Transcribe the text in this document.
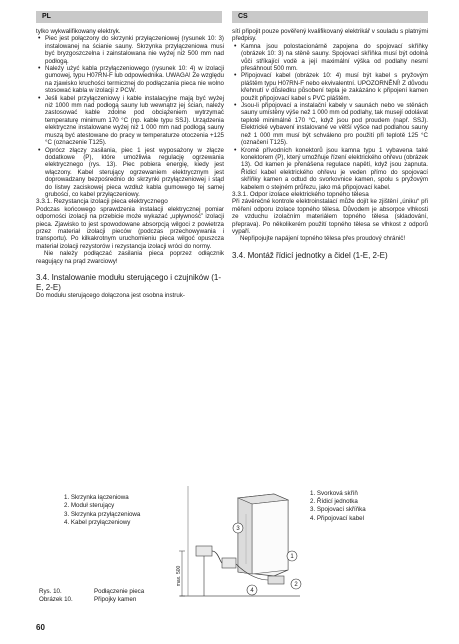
PL	CS

tylko wykwalifikowany elektryk.

• Piec jest połączony do skrzynki przyłączeniowej (rysunek 10: 3) instalowanej na ścianie sauny. Skrzynka przyłączeniowa musi być bryzgoszczelna i zainstalowana nie wyżej niż 500 mm nad podłogą.
• Należy użyć kabla przyłączeniowego (rysunek 10: 4) w izolacji gumowej, typu H07RN-F lub odpowiednika. UWAGA! Ze względu na zjawisko kruchości termicznej do podłączania pieca nie wolno stosować kabla w izolacji z PCW.
• Jeśli kabel przyłączeniowy i kable instalacyjne mają być wyżej niż 1000 mm nad podłogą sauny lub wewnątrz jej ścian, należy zastosować kable zdolne pod obciążeniem wytrzymać temperaturę minimum 170 °C (np. kable typu SSJ). Urządzenia elektryczne instalowane wyżej niż 1 000 mm nad podłogą sauny muszą być atestowane do pracy w temperaturze otoczenia +125 °C (oznaczenie T125).
• Oprócz złączy zasilania, piec 1 jest wyposażony w złącze dodatkowe (P), które umożliwia regulację ogrzewania elektrycznego (rys. 13). Piec pobiera energię, kiedy jest włączony. Kabel sterujący ogrzewaniem elektrycznym jest doprowadzany bezpośrednio do skrzynki przyłączeniowej i stąd do listwy zaciskowej pieca wzdłuż kabla gumowego tej samej grubości, co kabel przyłączeniowy.

3.3.1. Rezystancja izolacji pieca elektrycznego

Podczas końcowego sprawdzenia instalacji elektrycznej pomiar odporności izolacji na przebicie może wykazać „upływność” izolacji pieca. Zjawisko to jest spowodowane absorpcją wilgoci z powietrza przez materiał izolacji pieców (podczas przechowywania i transportu). Po kilkakrotnym uruchomieniu pieca wilgoć opuszcza materiał izolacji rezystorów i rezystancja izolacji wróci do normy.

Nie należy podłączać zasilania pieca poprzez odłącznik reagujący na prąd zwarciowy!

3.4. Instalowanie modułu sterującego i czujników (1-E, 2-E)

Do modułu sterującego dołączona jest osobna instruk-

sítí připojit pouze pověřený kvalifikovaný elektrikář v souladu s platnými předpisy.

• Kamna jsou polostacionárně zapojena do spojovací skříňky (obrázek 10: 3) na stěně sauny. Spojovací skříňka musí být odolná vůči stříkající vodě a její maximální výška od podlahy nesmí přesáhnout 500 mm.
• Připojovací kabel (obrázek 10: 4) musí být kabel s pryžovým pláštěm typu H07RN-F nebo ekvivalentní. UPOZORNĚNÍ! Z důvodu křehnutí v důsledku působení tepla je zakázáno k připojení kamen použít připojovací kabel s PVC pláštěm.
• Jsou-li připojovací a instalační kabely v saunách nebo ve stěnách sauny umístěny výše než 1 000 mm od podlahy, tak musejí odolávat teplotě minimálně 170 °C, když jsou pod proudem (např. SSJ). Elektrické vybavení instalované ve větší výšce nad podlahou sauny než 1 000 mm musí být schváleno pro použití při teplotě 125 °C (označení T125).
• Kromě přívodních konektorů jsou kamna typu 1 vybavena také konektorem (P), který umožňuje řízení elektrického ohřevu (obrázek 13). Od kamen je přenášena regulace napětí, když jsou zapnuta. Řídicí kabel elektrického ohřevu je veden přímo do spojovací skříňky kamen a odtud do svorkovnice kamen, spolu s pryžovým kabelem o stejném průřezu, jako má připojovací kabel.

3.3.1. Odpor izolace elektrického topného tělesa

Při závěrečné kontrole elektroinstalací může dojít ke zjištění „úniku“ při měření odporu izolace topného tělesa. Důvodem je absorpce vlhkosti ze vzduchu izolačním materiálem topného tělesa (skladování, přeprava). Po několikerém použití topného tělesa se vlhkost z odporů vypaří.

Nepřipojujte napájení topného tělesa přes proudový chránič!

3.4. Montáž řídicí jednotky a čidel (1-E, 2-E)
1. Skrzynka łączeniowa
2. Moduł sterujący
3. Skrzynka przyłączeniowa
4. Kabel przyłączeniowy
max. 500
1
2
3
4
1. Svorková skříň
2. Řídicí jednotka
3. Spojovací skříňka
4. Připojovací kabel
Rys. 10.
Obrázek 10.
Podłączenie pieca
Připojky kamen
60
